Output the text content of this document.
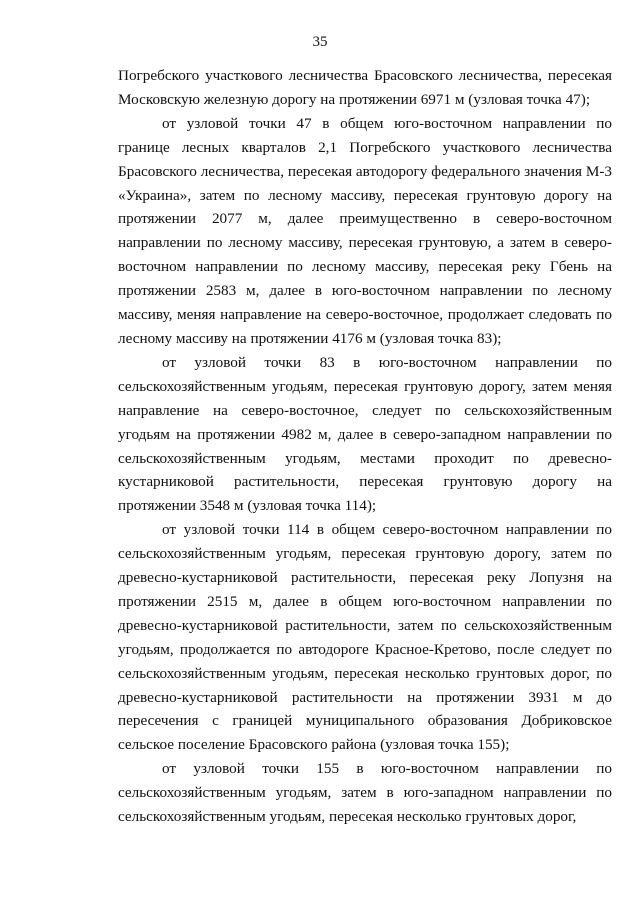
35

Погребского участкового лесничества Брасовского лесничества, пересекая Московскую железную дорогу на протяжении 6971 м (узловая точка 47);

от узловой точки 47 в общем юго-восточном направлении по границе лесных кварталов 2,1 Погребского участкового лесничества Брасовского лесничества, пересекая автодорогу федерального значения М-3 «Украина», затем по лесному массиву, пересекая грунтовую дорогу на протяжении 2077 м, далее преимущественно в северо-восточном направлении по лесному массиву, пересекая грунтовую, а затем в северо-восточном направлении по лесному массиву, пересекая реку Гбень на протяжении 2583 м, далее в юго-восточном направлении по лесному массиву, меняя направление на северо-восточное, продолжает следовать по лесному массиву на протяжении 4176 м (узловая точка 83);

от узловой точки 83 в юго-восточном направлении по сельскохозяйственным угодьям, пересекая грунтовую дорогу, затем меняя направление на северо-восточное, следует по сельскохозяйственным угодьям на протяжении 4982 м, далее в северо-западном направлении по сельскохозяйственным угодьям, местами проходит по древесно-кустарниковой растительности, пересекая грунтовую дорогу на протяжении 3548 м (узловая точка 114);

от узловой точки 114 в общем северо-восточном направлении по сельскохозяйственным угодьям, пересекая грунтовую дорогу, затем по древесно-кустарниковой растительности, пересекая реку Лопузня на протяжении 2515 м, далее в общем юго-восточном направлении по древесно-кустарниковой растительности, затем по сельскохозяйственным угодьям, продолжается по автодороге Красное-Кретово, после следует по сельскохозяйственным угодьям, пересекая несколько грунтовых дорог, по древесно-кустарниковой растительности на протяжении 3931 м до пересечения с границей муниципального образования Добриковское сельское поселение Брасовского района (узловая точка 155);

от узловой точки 155 в юго-восточном направлении по сельскохозяйственным угодьям, затем в юго-западном направлении по сельскохозяйственным угодьям, пересекая несколько грунтовых дорог,
